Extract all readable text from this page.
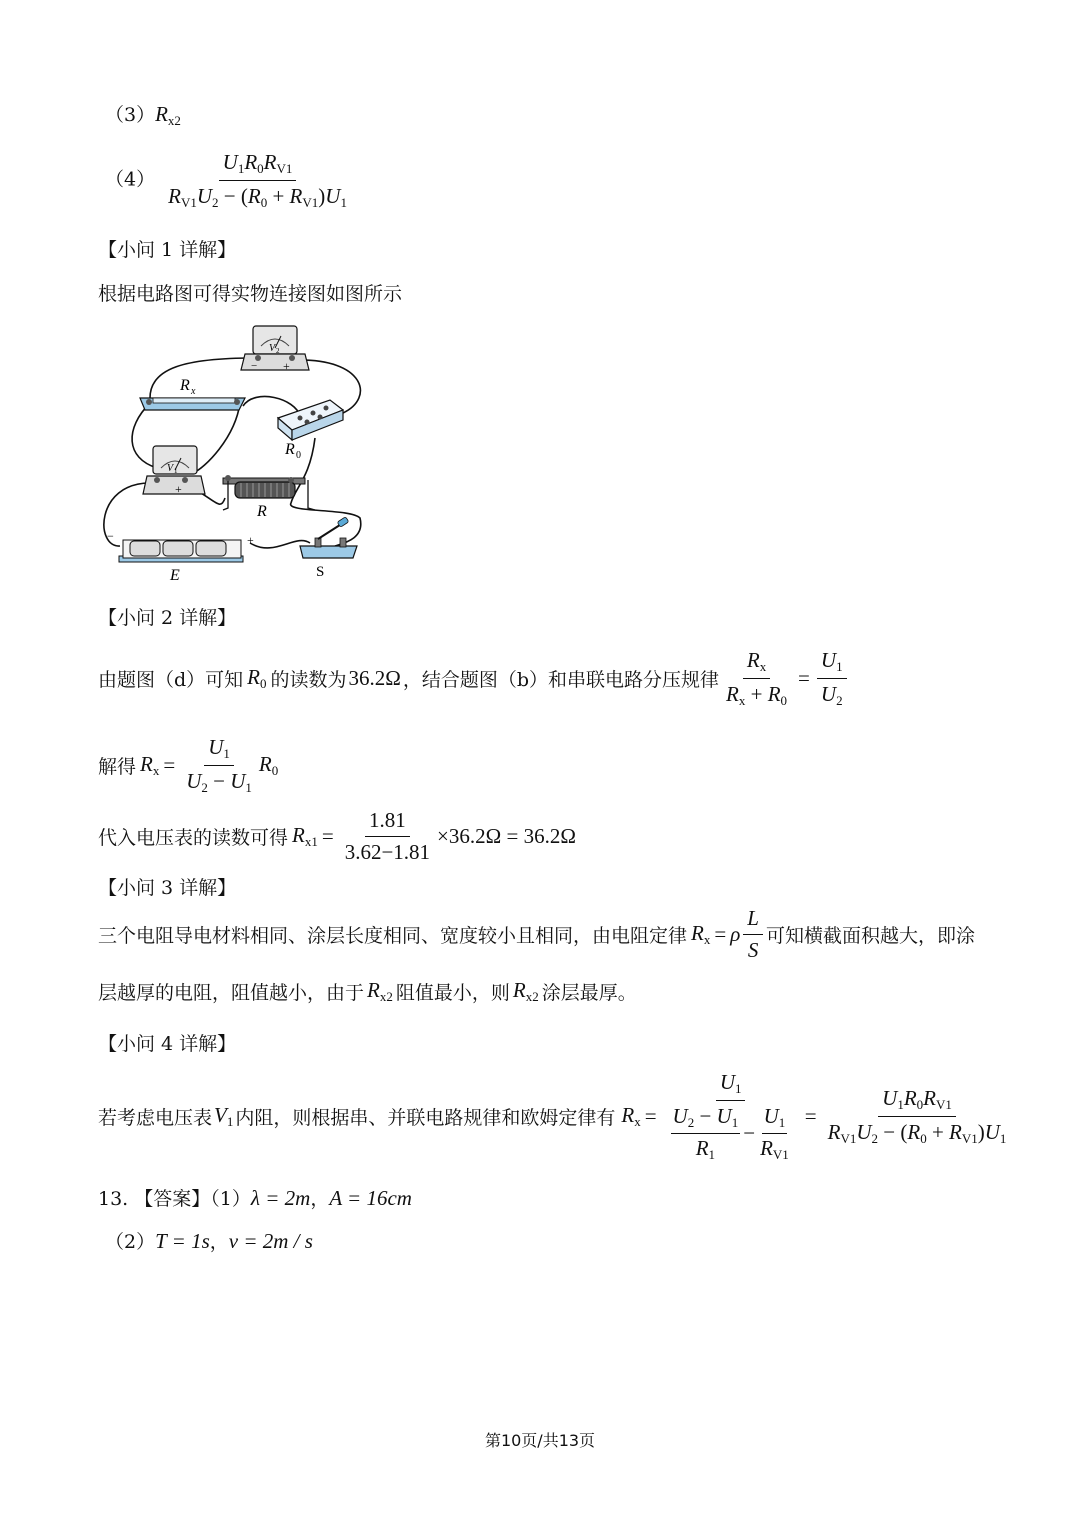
$(3)R_{x2}$
$(4) \frac{U_1R_0R_{V1}}{R_{V1}U_2 - (R_0 + R_{V1})U_1}$
【小问 1 详解】
根据电路图可得实物连接图如图所示
V 2
− +
R x
R 0
V 1
+
R
−	+
E	S
【小问 2 详解】
由题图（d）可知 $R_0$ 的读数为 36.2Ω ，结合题图（b）和串联电路分压规律 $\frac{R_x}{R_x + R_0} = \frac{U_1}{U_2}$
解得 $R_x = \frac{U_1}{U_2 - U_1} R_0$
代入电压表的读数可得 $R_{x1} = \frac{1.81}{3.62-1.81} \times 36.2\Omega = 36.2\Omega$
【小问 3 详解】
三个电阻导电材料相同、涂层长度相同、宽度较小且相同，由电阻定律 $R_x = \rho \frac{L}{S}$ 可知横截面积越大，即涂
层越厚的电阻，阻值越小，由于 $R_{x2}$ 阻值最小，则 $R_{x2}$ 涂层最厚。
【小问 4 详解】
若考虑电压表 $V_1$ 内阻，则根据串、并联电路规律和欧姆定律有 $R_x = \frac{U_1}{\frac{U_2 - U_1}{R_1} - \frac{U_1}{R_{V1}}} = \frac{U_1R_0R_{V1}}{R_{V1}U_2 - (R_0 + R_{V1})U_1}$
13. 【答案】（1）λ = 2m，A = 16cm
（2）T = 1s，v = 2m / s
第10页/共13页
